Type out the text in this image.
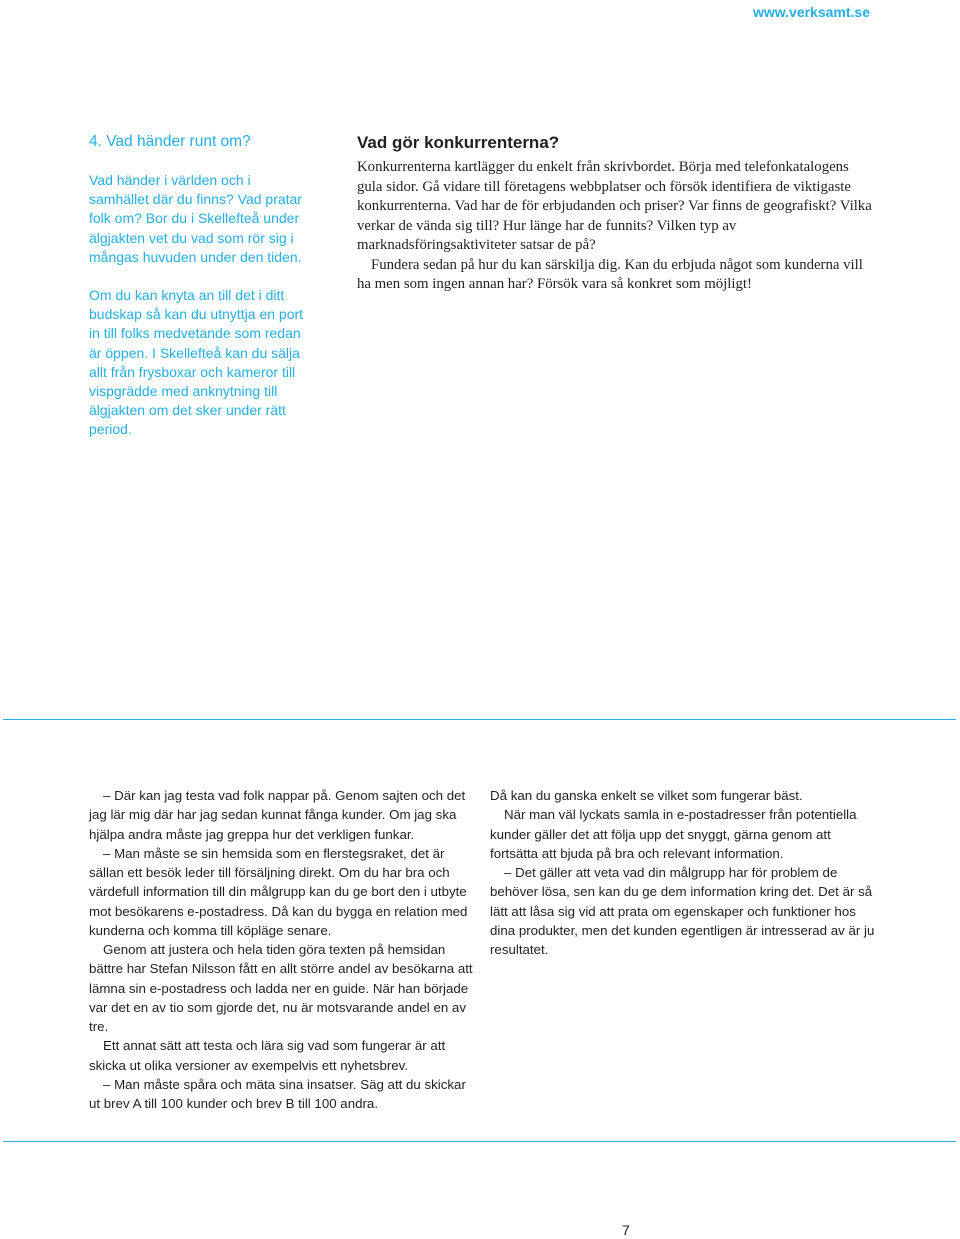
www.verksamt.se
4. Vad händer runt om?

Vad händer i världen och i samhället där du finns? Vad pratar folk om? Bor du i Skellefteå under älgjakten vet du vad som rör sig i mångas huvuden under den tiden.

Om du kan knyta an till det i ditt budskap så kan du utnyttja en port in till folks medvetande som redan är öppen. I Skellefteå kan du sälja allt från frysboxar och kameror till vispgrädde med anknytning till älgjakten om det sker under rätt period.

Vad gör konkurrenterna?

Konkurrenterna kartlägger du enkelt från skrivbordet. Börja med telefonkatalogens gula sidor. Gå vidare till företagens webbplatser och försök identifiera de viktigaste konkurrenterna. Vad har de för erbjudanden och priser? Var finns de geografiskt? Vilka verkar de vända sig till? Hur länge har de funnits? Vilken typ av marknadsföringsaktiviteter satsar de på?

Fundera sedan på hur du kan särskilja dig. Kan du erbjuda något som kunderna vill ha men som ingen annan har? Försök vara så konkret som möjligt!

– Där kan jag testa vad folk nappar på. Genom sajten och det jag lär mig där har jag sedan kunnat fånga kunder. Om jag ska hjälpa andra måste jag greppa hur det verkligen funkar.

– Man måste se sin hemsida som en flerstegsraket, det är sällan ett besök leder till försäljning direkt. Om du har bra och värdefull information till din målgrupp kan du ge bort den i utbyte mot besökarens e-postadress. Då kan du bygga en relation med kunderna och komma till köpläge senare.

Genom att justera och hela tiden göra texten på hemsidan bättre har Stefan Nilsson fått en allt större andel av besökarna att lämna sin e-postadress och ladda ner en guide. När han började var det en av tio som gjorde det, nu är motsvarande andel en av tre.

Ett annat sätt att testa och lära sig vad som fungerar är att skicka ut olika versioner av exempelvis ett nyhetsbrev.

– Man måste spåra och mäta sina insatser. Säg att du skickar ut brev A till 100 kunder och brev B till 100 andra.

Då kan du ganska enkelt se vilket som fungerar bäst.

När man väl lyckats samla in e-postadresser från potentiella kunder gäller det att följa upp det snyggt, gärna genom att fortsätta att bjuda på bra och relevant information.

– Det gäller att veta vad din målgrupp har för problem de behöver lösa, sen kan du ge dem information kring det. Det är så lätt att låsa sig vid att prata om egenskaper och funktioner hos dina produkter, men det kunden egentligen är intresserad av är ju resultatet.

7
